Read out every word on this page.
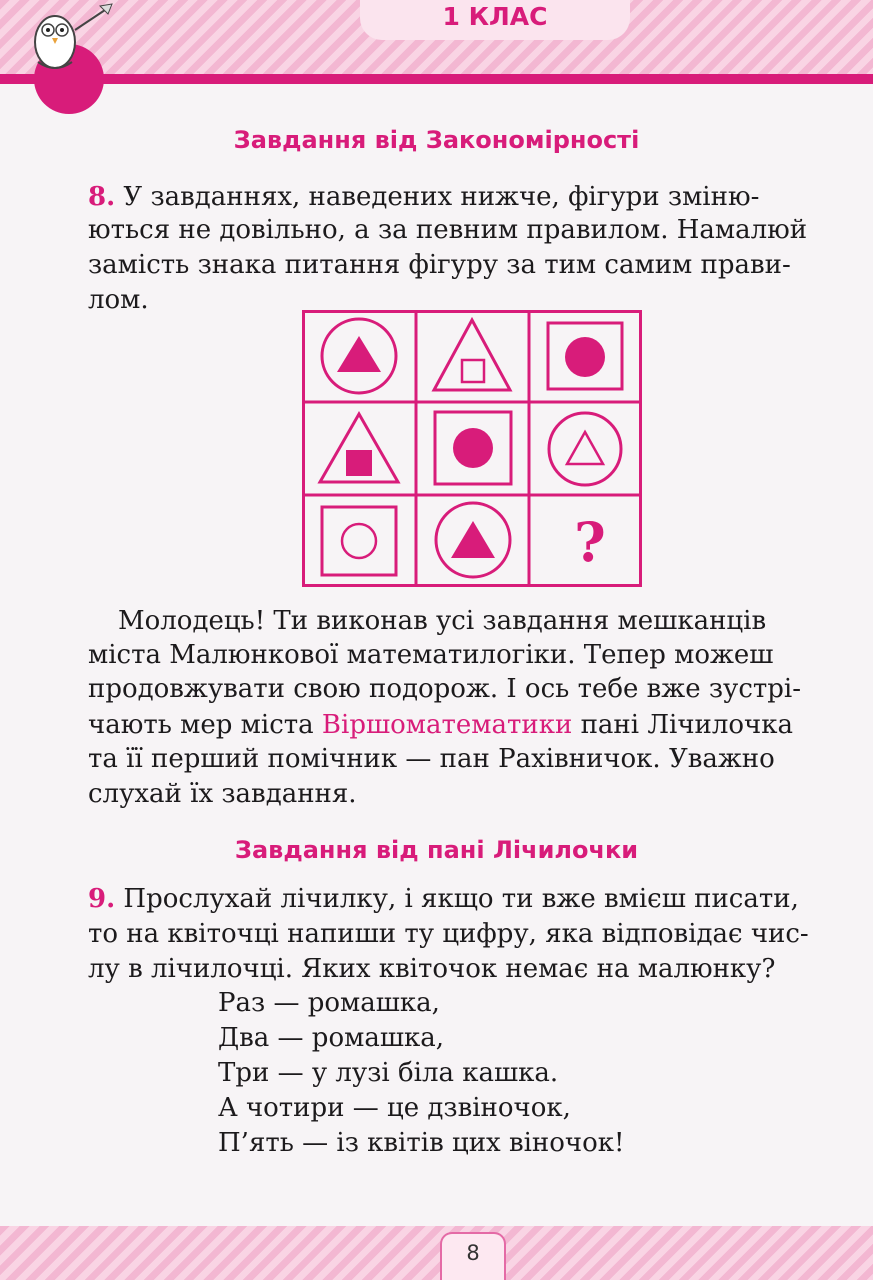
1 КЛАС
Завдання від Закономірності
8. У завданнях, наведених нижче, фігури зміню-
ються не довільно, а за певним правилом. Намалюй
замість знака питання фігуру за тим самим прави-
лом.
?
Молодець! Ти виконав усі завдання мешканців
міста Малюнкової математилогіки. Тепер можеш
продовжувати свою подорож. І ось тебе вже зустрі-
чають мер міста Віршоматематики пані Лічилочка
та її перший помічник — пан Рахівничок. Уважно
слухай їх завдання.
Завдання від пані Лічилочки
9. Прослухай лічилку, і якщо ти вже вмієш писати,
то на квіточці напиши ту цифру, яка відповідає чис-
лу в лічилочці. Яких квіточок немає на малюнку?
Раз — ромашка,
Два — ромашка,
Три — у лузі біла кашка.
А чотири — це дзвіночок,
П’ять — із квітів цих віночок!
8
